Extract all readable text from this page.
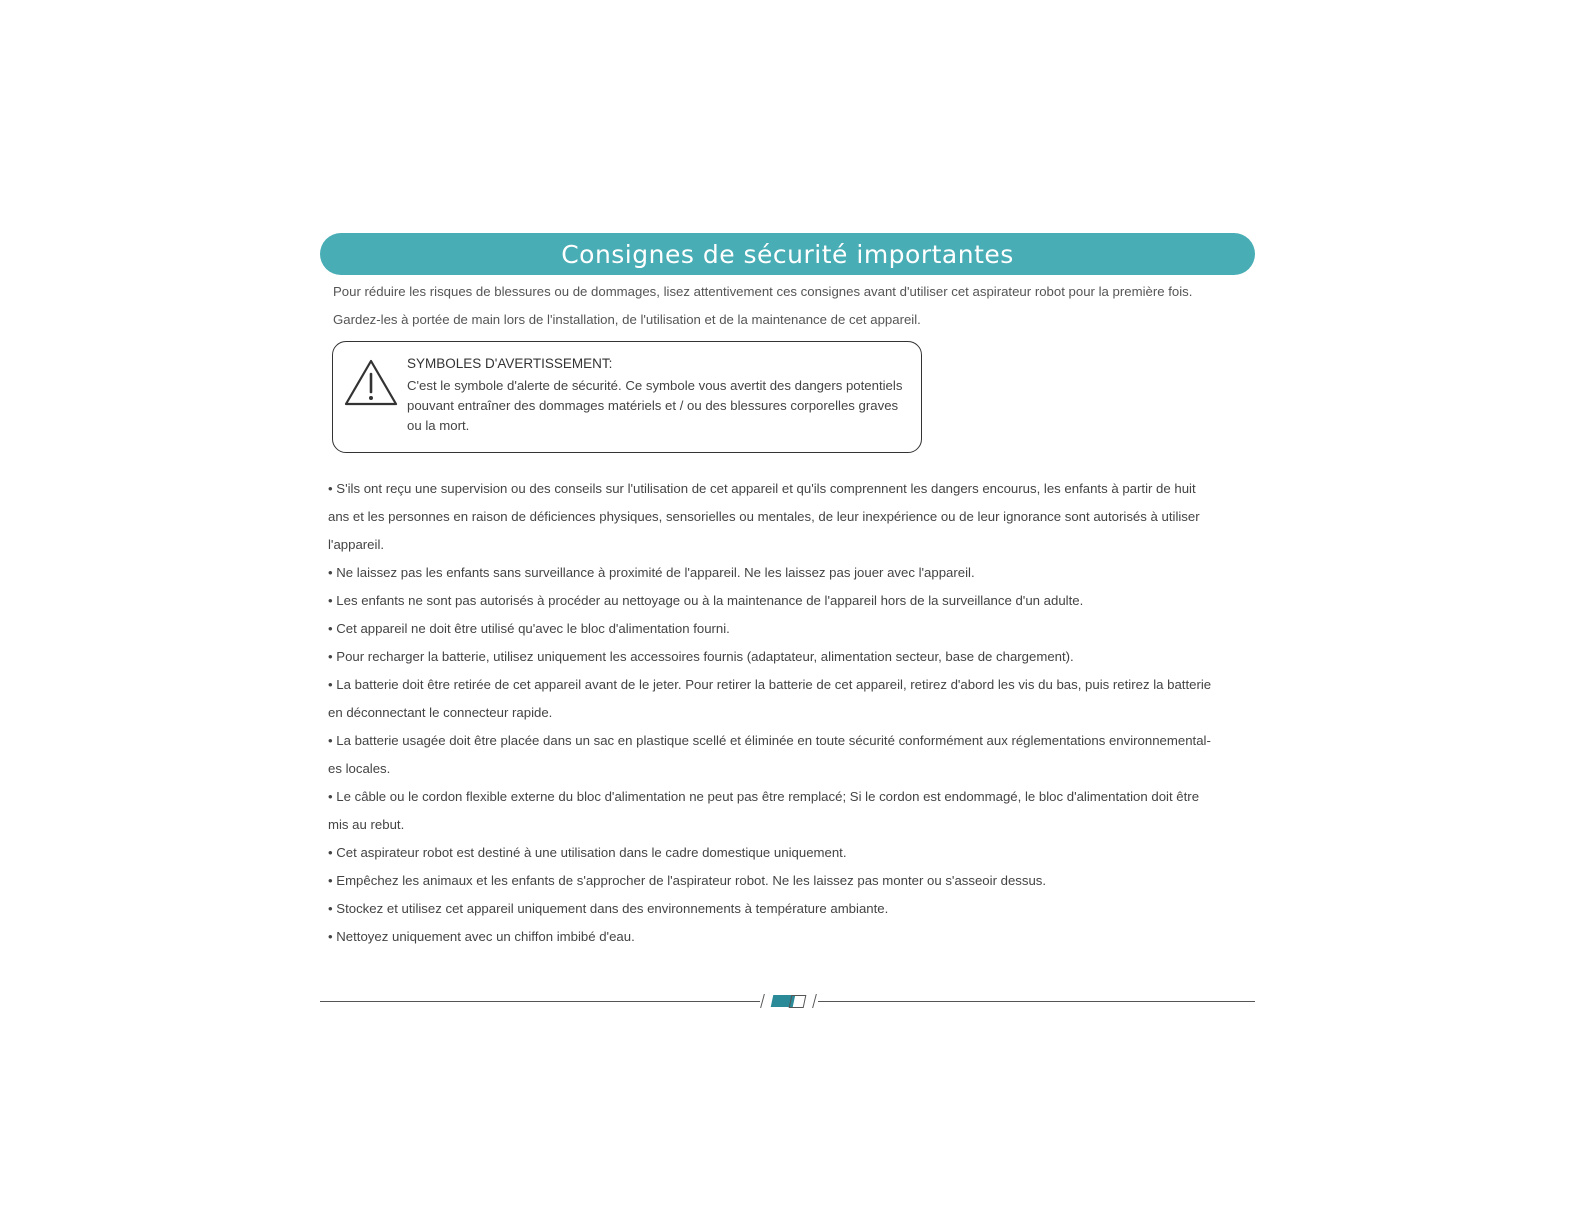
Consignes de sécurité importantes

Pour réduire les risques de blessures ou de dommages, lisez attentivement ces consignes avant d'utiliser cet aspirateur robot pour la première fois.

Gardez-les à portée de main lors de l'installation, de l'utilisation et de la maintenance de cet appareil.

SYMBOLES D'AVERTISSEMENT:
C'est le symbole d'alerte de sécurité. Ce symbole vous avertit des dangers potentiels
pouvant entraîner des dommages matériels et / ou des blessures corporelles graves
ou la mort.
• S'ils ont reçu une supervision ou des conseils sur l'utilisation de cet appareil et qu'ils comprennent les dangers encourus, les enfants à partir de huit
ans et les personnes en raison de déficiences physiques, sensorielles ou mentales, de leur inexpérience ou de leur ignorance sont autorisés à utiliser
l'appareil.
• Ne laissez pas les enfants sans surveillance à proximité de l'appareil. Ne les laissez pas jouer avec l'appareil.
• Les enfants ne sont pas autorisés à procéder au nettoyage ou à la maintenance de l'appareil hors de la surveillance d'un adulte.
• Cet appareil ne doit être utilisé qu'avec le bloc d'alimentation fourni.
• Pour recharger la batterie, utilisez uniquement les accessoires fournis (adaptateur, alimentation secteur, base de chargement).
• La batterie doit être retirée de cet appareil avant de le jeter. Pour retirer la batterie de cet appareil, retirez d'abord les vis du bas, puis retirez la batterie
en déconnectant le connecteur rapide.
• La batterie usagée doit être placée dans un sac en plastique scellé et éliminée en toute sécurité conformément aux réglementations environnemental-
es locales.
• Le câble ou le cordon flexible externe du bloc d'alimentation ne peut pas être remplacé; Si le cordon est endommagé, le bloc d'alimentation doit être
mis au rebut.
• Cet aspirateur robot est destiné à une utilisation dans le cadre domestique uniquement.
• Empêchez les animaux et les enfants de s'approcher de l'aspirateur robot. Ne les laissez pas monter ou s'asseoir dessus.
• Stockez et utilisez cet appareil uniquement dans des environnements à température ambiante.
• Nettoyez uniquement avec un chiffon imbibé d'eau.
